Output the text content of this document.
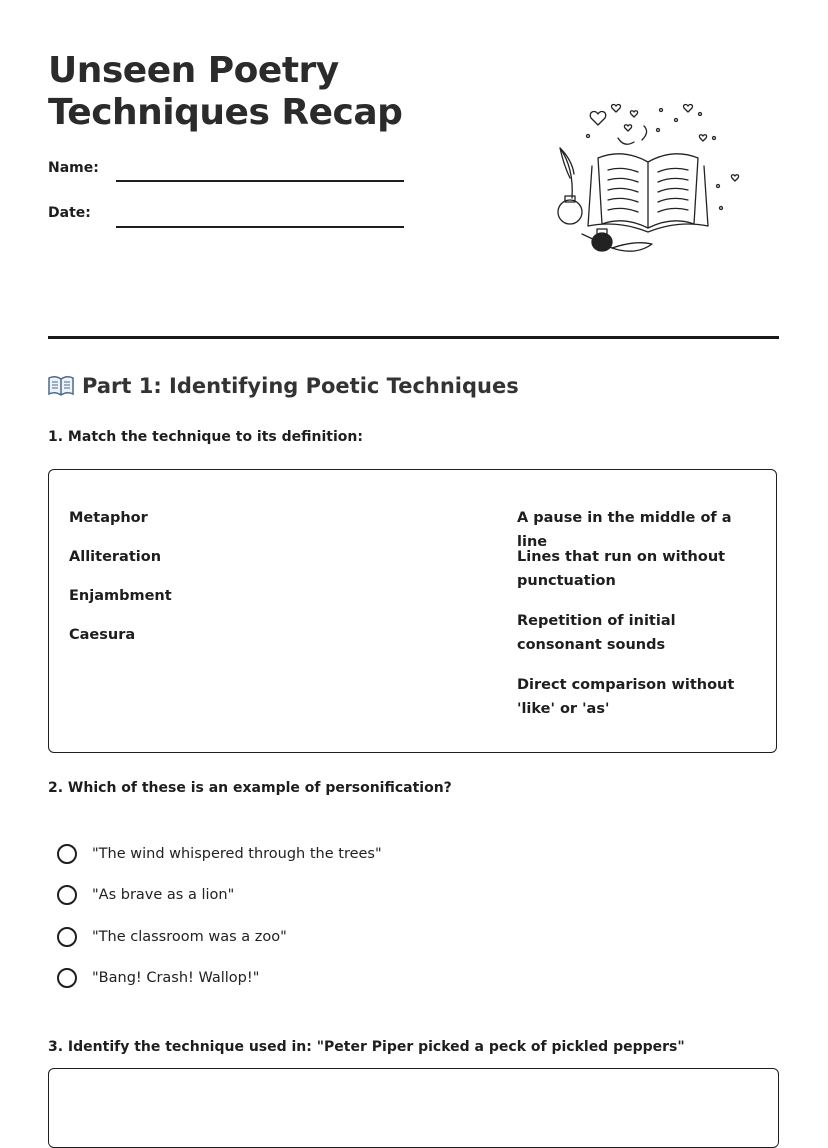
Unseen Poetry Techniques Recap
Name:
Date:
Part 1: Identifying Poetic Techniques
1. Match the technique to its definition:
Metaphor
Alliteration
Enjambment
Caesura
A pause in the middle of a line
Lines that run on without punctuation
Repetition of initial consonant sounds
Direct comparison without 'like' or 'as'
2. Which of these is an example of personification?
"The wind whispered through the trees"
"As brave as a lion"
"The classroom was a zoo"
"Bang! Crash! Wallop!"
3. Identify the technique used in: "Peter Piper picked a peck of pickled peppers"
